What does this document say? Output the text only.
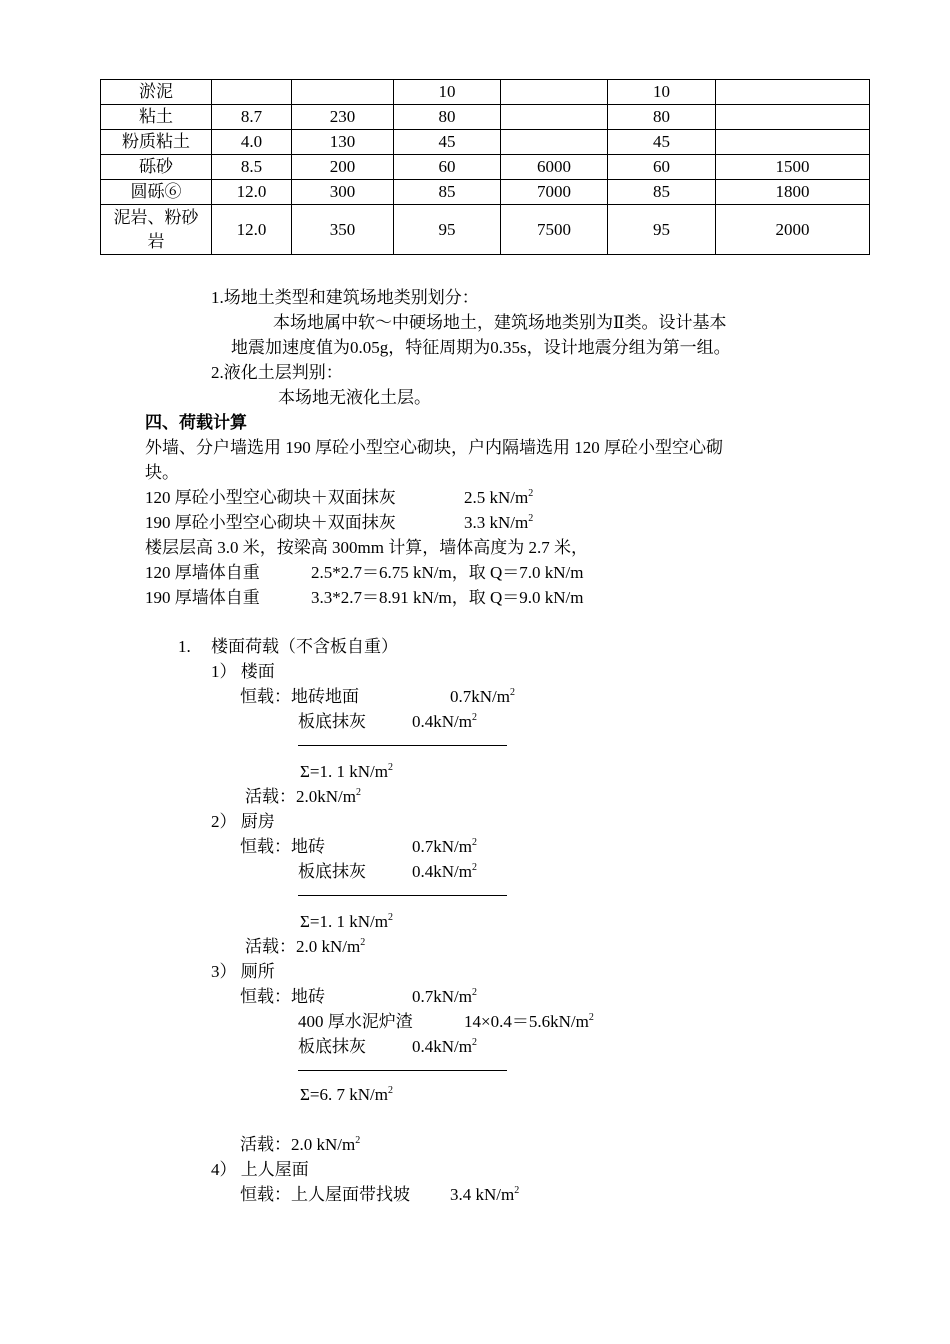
淤泥			10		10	
粘土	8.7	230	80		80	
粉质粘土	4.0	130	45		45	
砾砂	8.5	200	60	6000	60	1500
圆砾⑥	12.0	300	85	7000	85	1800
泥岩、粉砂岩	12.0	350	95	7500	95	2000
1.场地土类型和建筑场地类别划分：
本场地属中软～中硬场地土，建筑场地类别为Ⅱ类。设计基本
地震加速度值为0.05g，特征周期为0.35s，设计地震分组为第一组。
2.液化土层判别：
本场地无液化土层。
四、荷载计算
外墙、分户墙选用 190 厚砼小型空心砌块，户内隔墙选用 120 厚砼小型空心砌
块。
120 厚砼小型空心砌块＋双面抹灰	2.5 $kN/m^2$
190 厚砼小型空心砌块＋双面抹灰	3.3 $kN/m^2$
楼层层高 3.0 米，按梁高 300mm 计算，墙体高度为 2.7 米，
120 厚墙体自重	2.5*2.7＝6.75 kN/m，取 Q＝7.0 kN/m
190 厚墙体自重	3.3*2.7＝8.91 kN/m，取 Q＝9.0 kN/m
1. 楼面荷载（不含板自重）
1） 楼面
恒载：地砖地面	$0.7kN/m^2$
板底抹灰	$0.4kN/m^2$
Σ=1. 1 $kN/m^2$
活载：$2.0kN/m^2$
2） 厨房
恒载：地砖	$0.7kN/m^2$
板底抹灰	$0.4kN/m^2$
Σ=1. 1 $kN/m^2$
活载：2.0 $kN/m^2$
3） 厕所
恒载：地砖	$0.7kN/m^2$
400 厚水泥炉渣	$14\times 0.4=5.6kN/m^2$
板底抹灰	$0.4kN/m^2$
Σ=6. 7 $kN/m^2$
活载：2.0 $kN/m^2$
4） 上人屋面
恒载：上人屋面带找坡 3.4 $kN/m^2$
